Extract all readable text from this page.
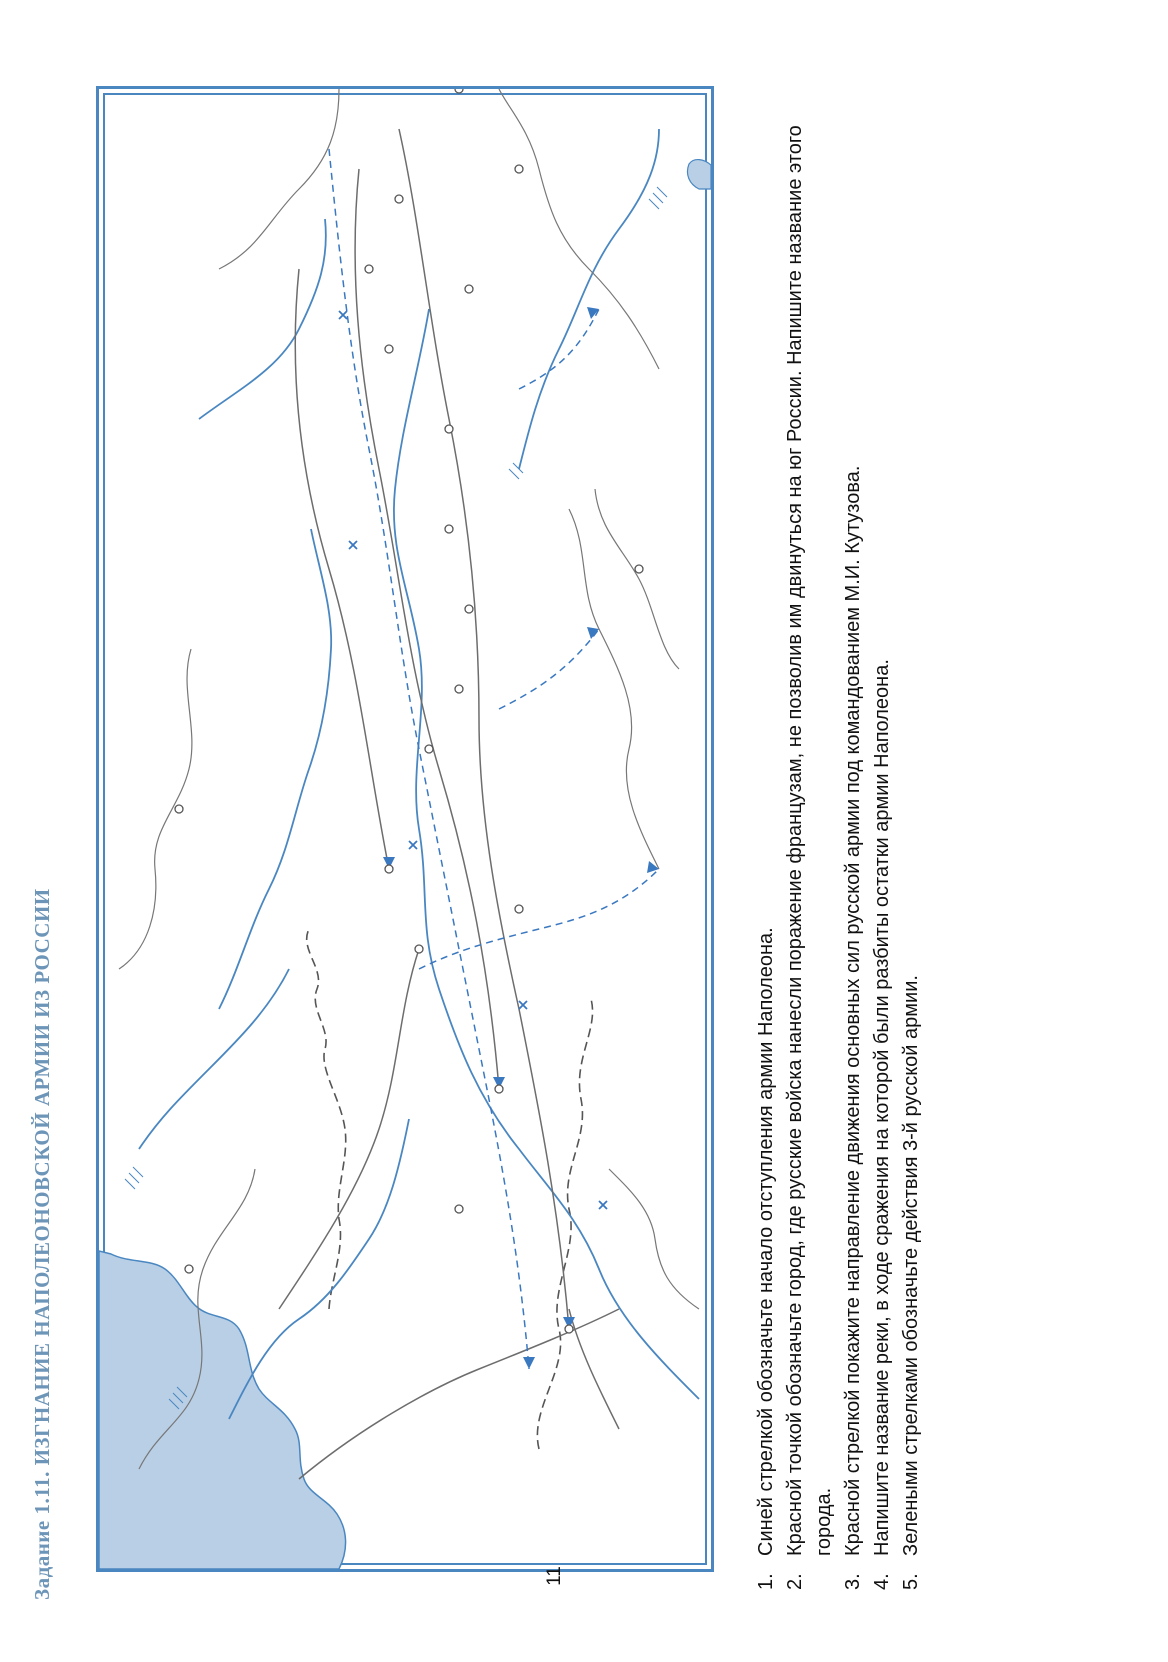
Задание 1.11. ИЗГНАНИЕ НАПОЛЕОНОВСКОЙ АРМИИ ИЗ РОССИИ	1.
Синей стрелкой обозначьте начало отступления армии Наполеона.
2.
Красной точкой обозначьте город, где русские войска нанесли поражение французам, не позволив им двинуться на юг России. Напишите название этого города.
3.
Красной стрелкой покажите направление движения основных сил русской армии под командованием М.И. Кутузова.
4.
Напишите название реки, в ходе сражения на которой были разбиты остатки армии Наполеона.
5.
Зелеными стрелками обозначьте действия 3-й русской армии.
11
